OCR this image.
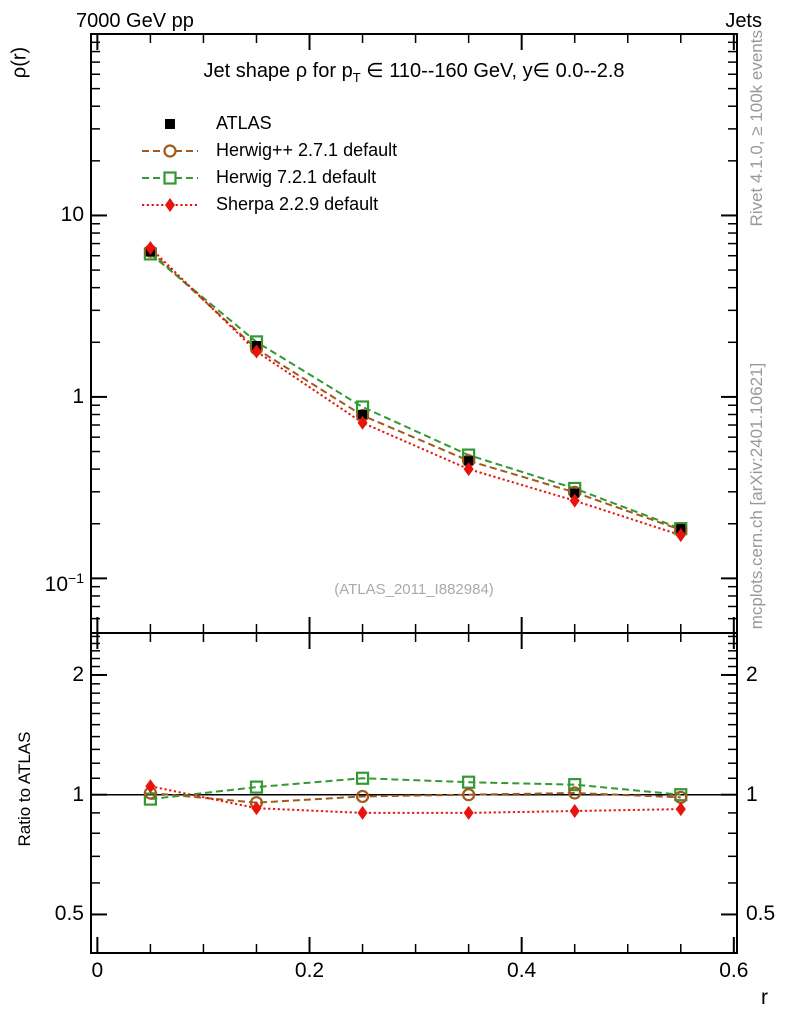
7000 GeV pp	Jets
Jet shape ρ for $p_T$ ∈ 110--160 GeV, y∈ 0.0--2.8
ρ(r)
Ratio to ATLAS
r
Rivet 4.1.0, ≥ 100k events
mcplots.cern.ch [arXiv:2401.10621]
(ATLAS_2011_I882984)
ATLAS
Herwig++ 2.7.1 default
Herwig 7.2.1 default
Sherpa 2.2.9 default
10
1
$10^{-1}$
2	2
1	1
0.5	0.5
0	0.2	0.4	0.6
